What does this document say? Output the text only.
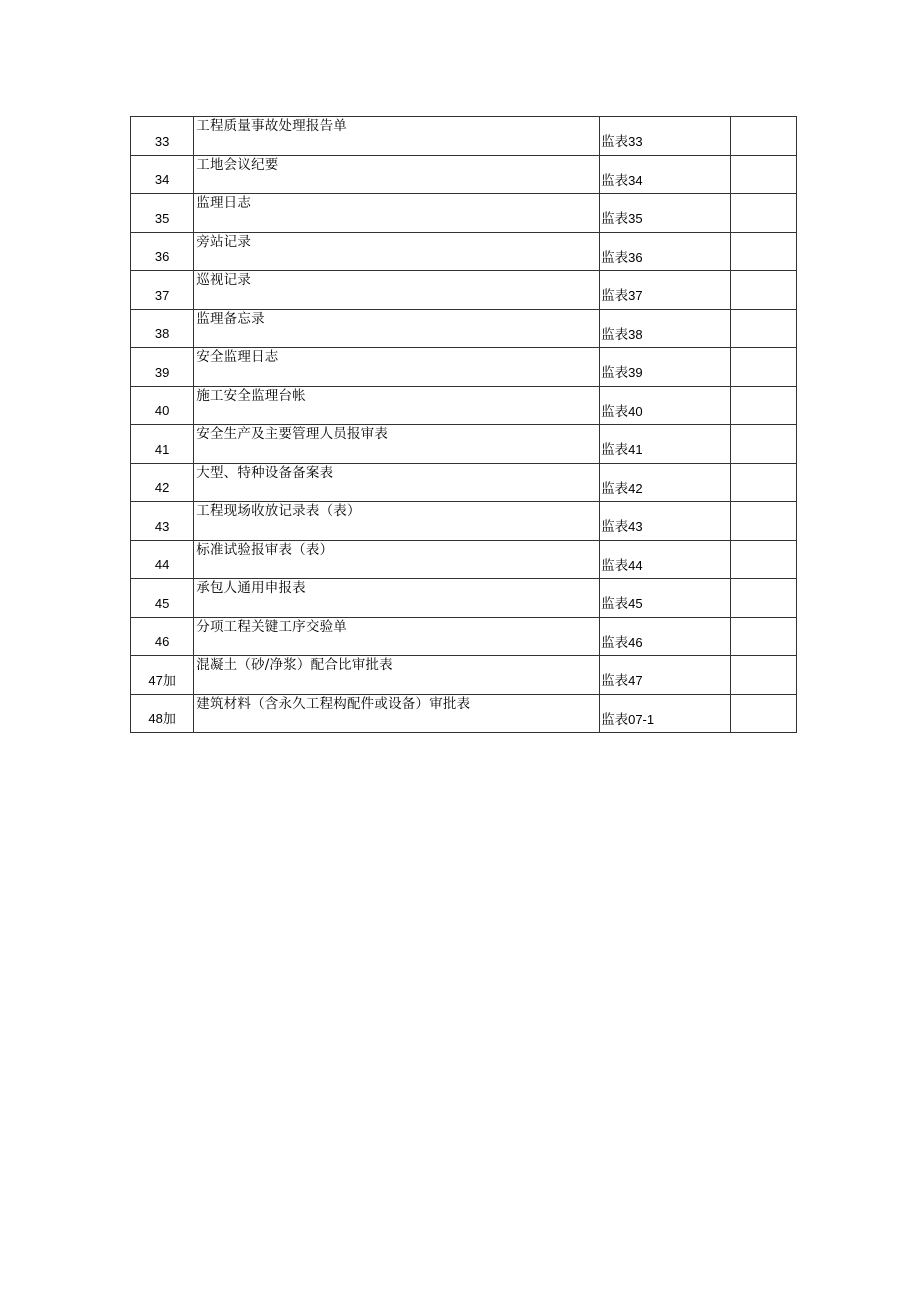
33	工程质量事故处理报告单	监表33	
34	工地会议纪要	监表34	
35	监理日志	监表35	
36	旁站记录	监表36	
37	巡视记录	监表37	
38	监理备忘录	监表38	
39	安全监理日志	监表39	
40	施工安全监理台帐	监表40	
41	安全生产及主要管理人员报审表	监表41	
42	大型、特种设备备案表	监表42	
43	工程现场收放记录表（表）	监表43	
44	标准试验报审表（表）	监表44	
45	承包人通用申报表	监表45	
46	分项工程关键工序交验单	监表46	
47加	混凝土（砂/净浆）配合比审批表	监表47	
48加	建筑材料（含永久工程构配件或设备）审批表	监表07-1	
